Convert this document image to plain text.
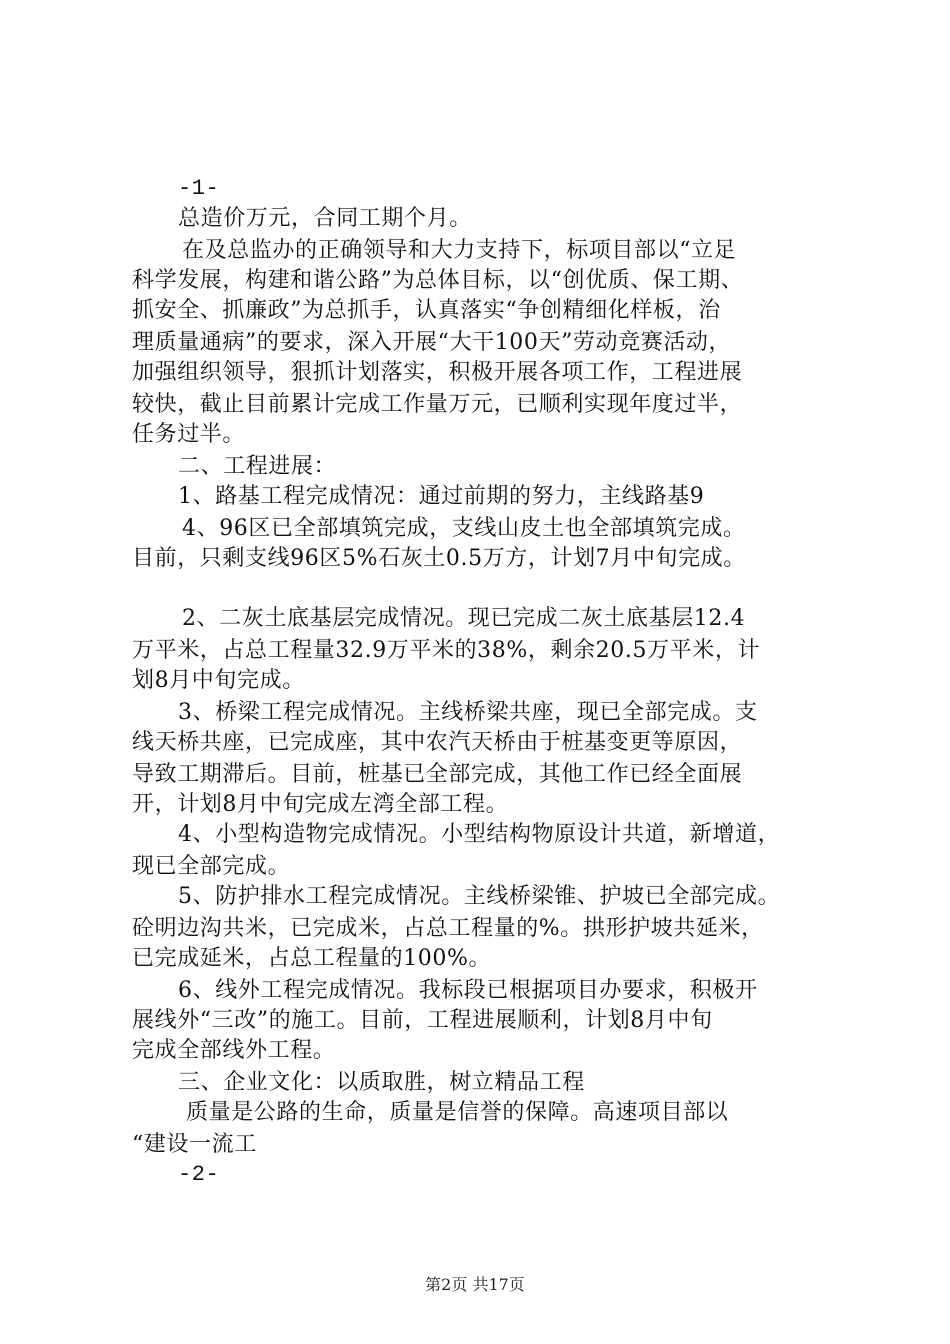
-1-

总造价万元，合同工期个月。

在及总监办的正确领导和大力支持下，标项目部以“立足

科学发展，构建和谐公路”为总体目标，以“创优质、保工期、

抓安全、抓廉政”为总抓手，认真落实“争创精细化样板，治

理质量通病”的要求，深入开展“大干100天”劳动竞赛活动，

加强组织领导，狠抓计划落实，积极开展各项工作，工程进展

较快，截止目前累计完成工作量万元，已顺利实现年度过半，

任务过半。

二、工程进展：

1、路基工程完成情况：通过前期的努力，主线路基9

4、96区已全部填筑完成，支线山皮土也全部填筑完成。

目前，只剩支线96区5%石灰土0.5万方，计划7月中旬完成。

2、二灰土底基层完成情况。现已完成二灰土底基层12.4

万平米，占总工程量32.9万平米的38%，剩余20.5万平米，计

划8月中旬完成。

3、桥梁工程完成情况。主线桥梁共座，现已全部完成。支

线天桥共座，已完成座，其中农汽天桥由于桩基变更等原因，

导致工期滞后。目前，桩基已全部完成，其他工作已经全面展

开，计划8月中旬完成左湾全部工程。

4、小型构造物完成情况。小型结构物原设计共道，新增道，

现已全部完成。

5、防护排水工程完成情况。主线桥梁锥、护坡已全部完成。

砼明边沟共米，已完成米，占总工程量的%。拱形护坡共延米，

已完成延米，占总工程量的100%。

6、线外工程完成情况。我标段已根据项目办要求，积极开

展线外“三改”的施工。目前，工程进展顺利，计划8月中旬

完成全部线外工程。

三、企业文化：以质取胜，树立精品工程

质量是公路的生命，质量是信誉的保障。高速项目部以

“建设一流工

-2-

第2页 共17页
